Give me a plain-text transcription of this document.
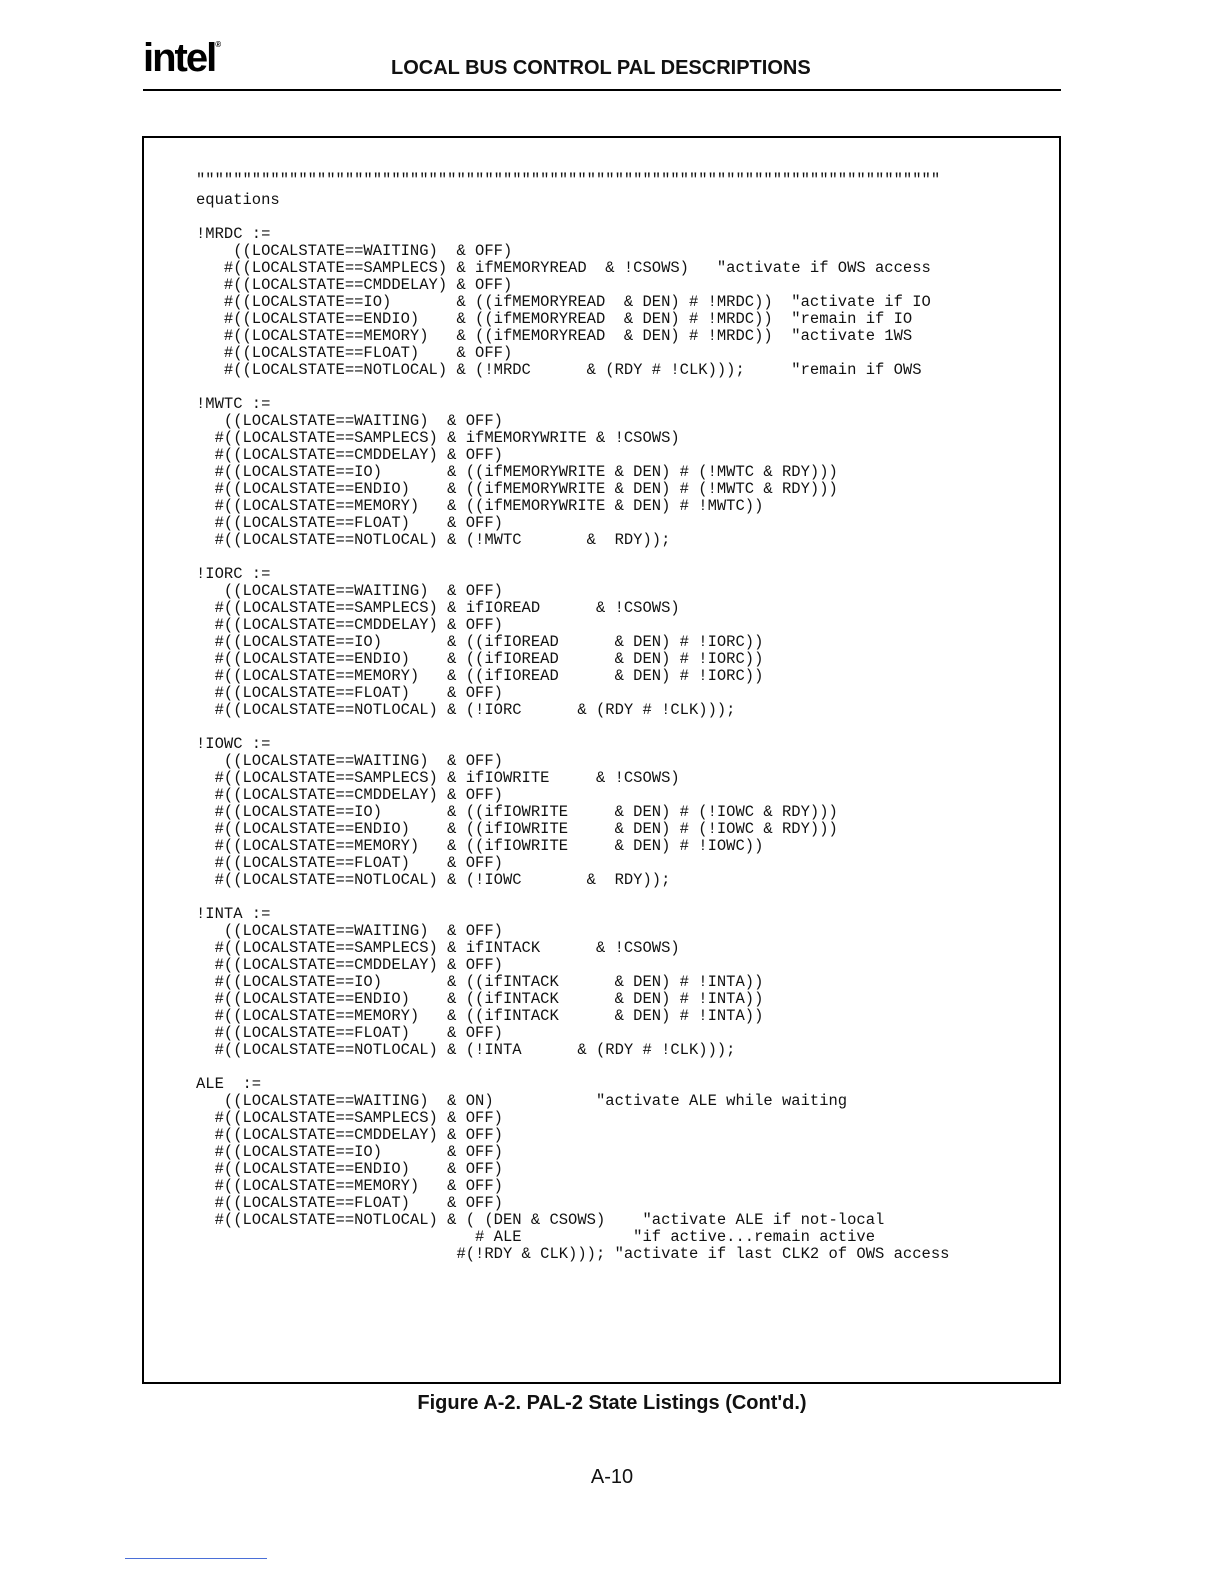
intel®
LOCAL BUS CONTROL PAL DESCRIPTIONS
""""""""""""""""""""""""""""""""""""""""""""""""""""""""""""""""""""""""""""""""
equations

!MRDC :=
((LOCALSTATE==WAITING)  & OFF)
#((LOCALSTATE==SAMPLECS) & ifMEMORYREAD  & !CSOWS)   "activate if OWS access
#((LOCALSTATE==CMDDELAY) & OFF)
#((LOCALSTATE==IO)       & ((ifMEMORYREAD  & DEN) # !MRDC))  "activate if IO
#((LOCALSTATE==ENDIO)    & ((ifMEMORYREAD  & DEN) # !MRDC))  "remain if IO
#((LOCALSTATE==MEMORY)   & ((ifMEMORYREAD  & DEN) # !MRDC))  "activate 1WS
#((LOCALSTATE==FLOAT)    & OFF)
#((LOCALSTATE==NOTLOCAL) & (!MRDC      & (RDY # !CLK)));     "remain if OWS

!MWTC :=
((LOCALSTATE==WAITING)  & OFF)
#((LOCALSTATE==SAMPLECS) & ifMEMORYWRITE & !CSOWS)
#((LOCALSTATE==CMDDELAY) & OFF)
#((LOCALSTATE==IO)       & ((ifMEMORYWRITE & DEN) # (!MWTC & RDY)))
#((LOCALSTATE==ENDIO)    & ((ifMEMORYWRITE & DEN) # (!MWTC & RDY)))
#((LOCALSTATE==MEMORY)   & ((ifMEMORYWRITE & DEN) # !MWTC))
#((LOCALSTATE==FLOAT)    & OFF)
#((LOCALSTATE==NOTLOCAL) & (!MWTC       &  RDY));

!IORC :=
((LOCALSTATE==WAITING)  & OFF)
#((LOCALSTATE==SAMPLECS) & ifIOREAD      & !CSOWS)
#((LOCALSTATE==CMDDELAY) & OFF)
#((LOCALSTATE==IO)       & ((ifIOREAD      & DEN) # !IORC))
#((LOCALSTATE==ENDIO)    & ((ifIOREAD      & DEN) # !IORC))
#((LOCALSTATE==MEMORY)   & ((ifIOREAD      & DEN) # !IORC))
#((LOCALSTATE==FLOAT)    & OFF)
#((LOCALSTATE==NOTLOCAL) & (!IORC      & (RDY # !CLK)));

!IOWC :=
((LOCALSTATE==WAITING)  & OFF)
#((LOCALSTATE==SAMPLECS) & ifIOWRITE     & !CSOWS)
#((LOCALSTATE==CMDDELAY) & OFF)
#((LOCALSTATE==IO)       & ((ifIOWRITE     & DEN) # (!IOWC & RDY)))
#((LOCALSTATE==ENDIO)    & ((ifIOWRITE     & DEN) # (!IOWC & RDY)))
#((LOCALSTATE==MEMORY)   & ((ifIOWRITE     & DEN) # !IOWC))
#((LOCALSTATE==FLOAT)    & OFF)
#((LOCALSTATE==NOTLOCAL) & (!IOWC       &  RDY));

!INTA :=
((LOCALSTATE==WAITING)  & OFF)
#((LOCALSTATE==SAMPLECS) & ifINTACK      & !CSOWS)
#((LOCALSTATE==CMDDELAY) & OFF)
#((LOCALSTATE==IO)       & ((ifINTACK      & DEN) # !INTA))
#((LOCALSTATE==ENDIO)    & ((ifINTACK      & DEN) # !INTA))
#((LOCALSTATE==MEMORY)   & ((ifINTACK      & DEN) # !INTA))
#((LOCALSTATE==FLOAT)    & OFF)
#((LOCALSTATE==NOTLOCAL) & (!INTA      & (RDY # !CLK)));

ALE  :=
((LOCALSTATE==WAITING)  & ON)           "activate ALE while waiting
#((LOCALSTATE==SAMPLECS) & OFF)
#((LOCALSTATE==CMDDELAY) & OFF)
#((LOCALSTATE==IO)       & OFF)
#((LOCALSTATE==ENDIO)    & OFF)
#((LOCALSTATE==MEMORY)   & OFF)
#((LOCALSTATE==FLOAT)    & OFF)
#((LOCALSTATE==NOTLOCAL) & ( (DEN & CSOWS)    "activate ALE if not-local
# ALE            "if active...remain active
#(!RDY & CLK))); "activate if last CLK2 of OWS access
Figure A-2. PAL-2 State Listings (Cont'd.)
A-10
